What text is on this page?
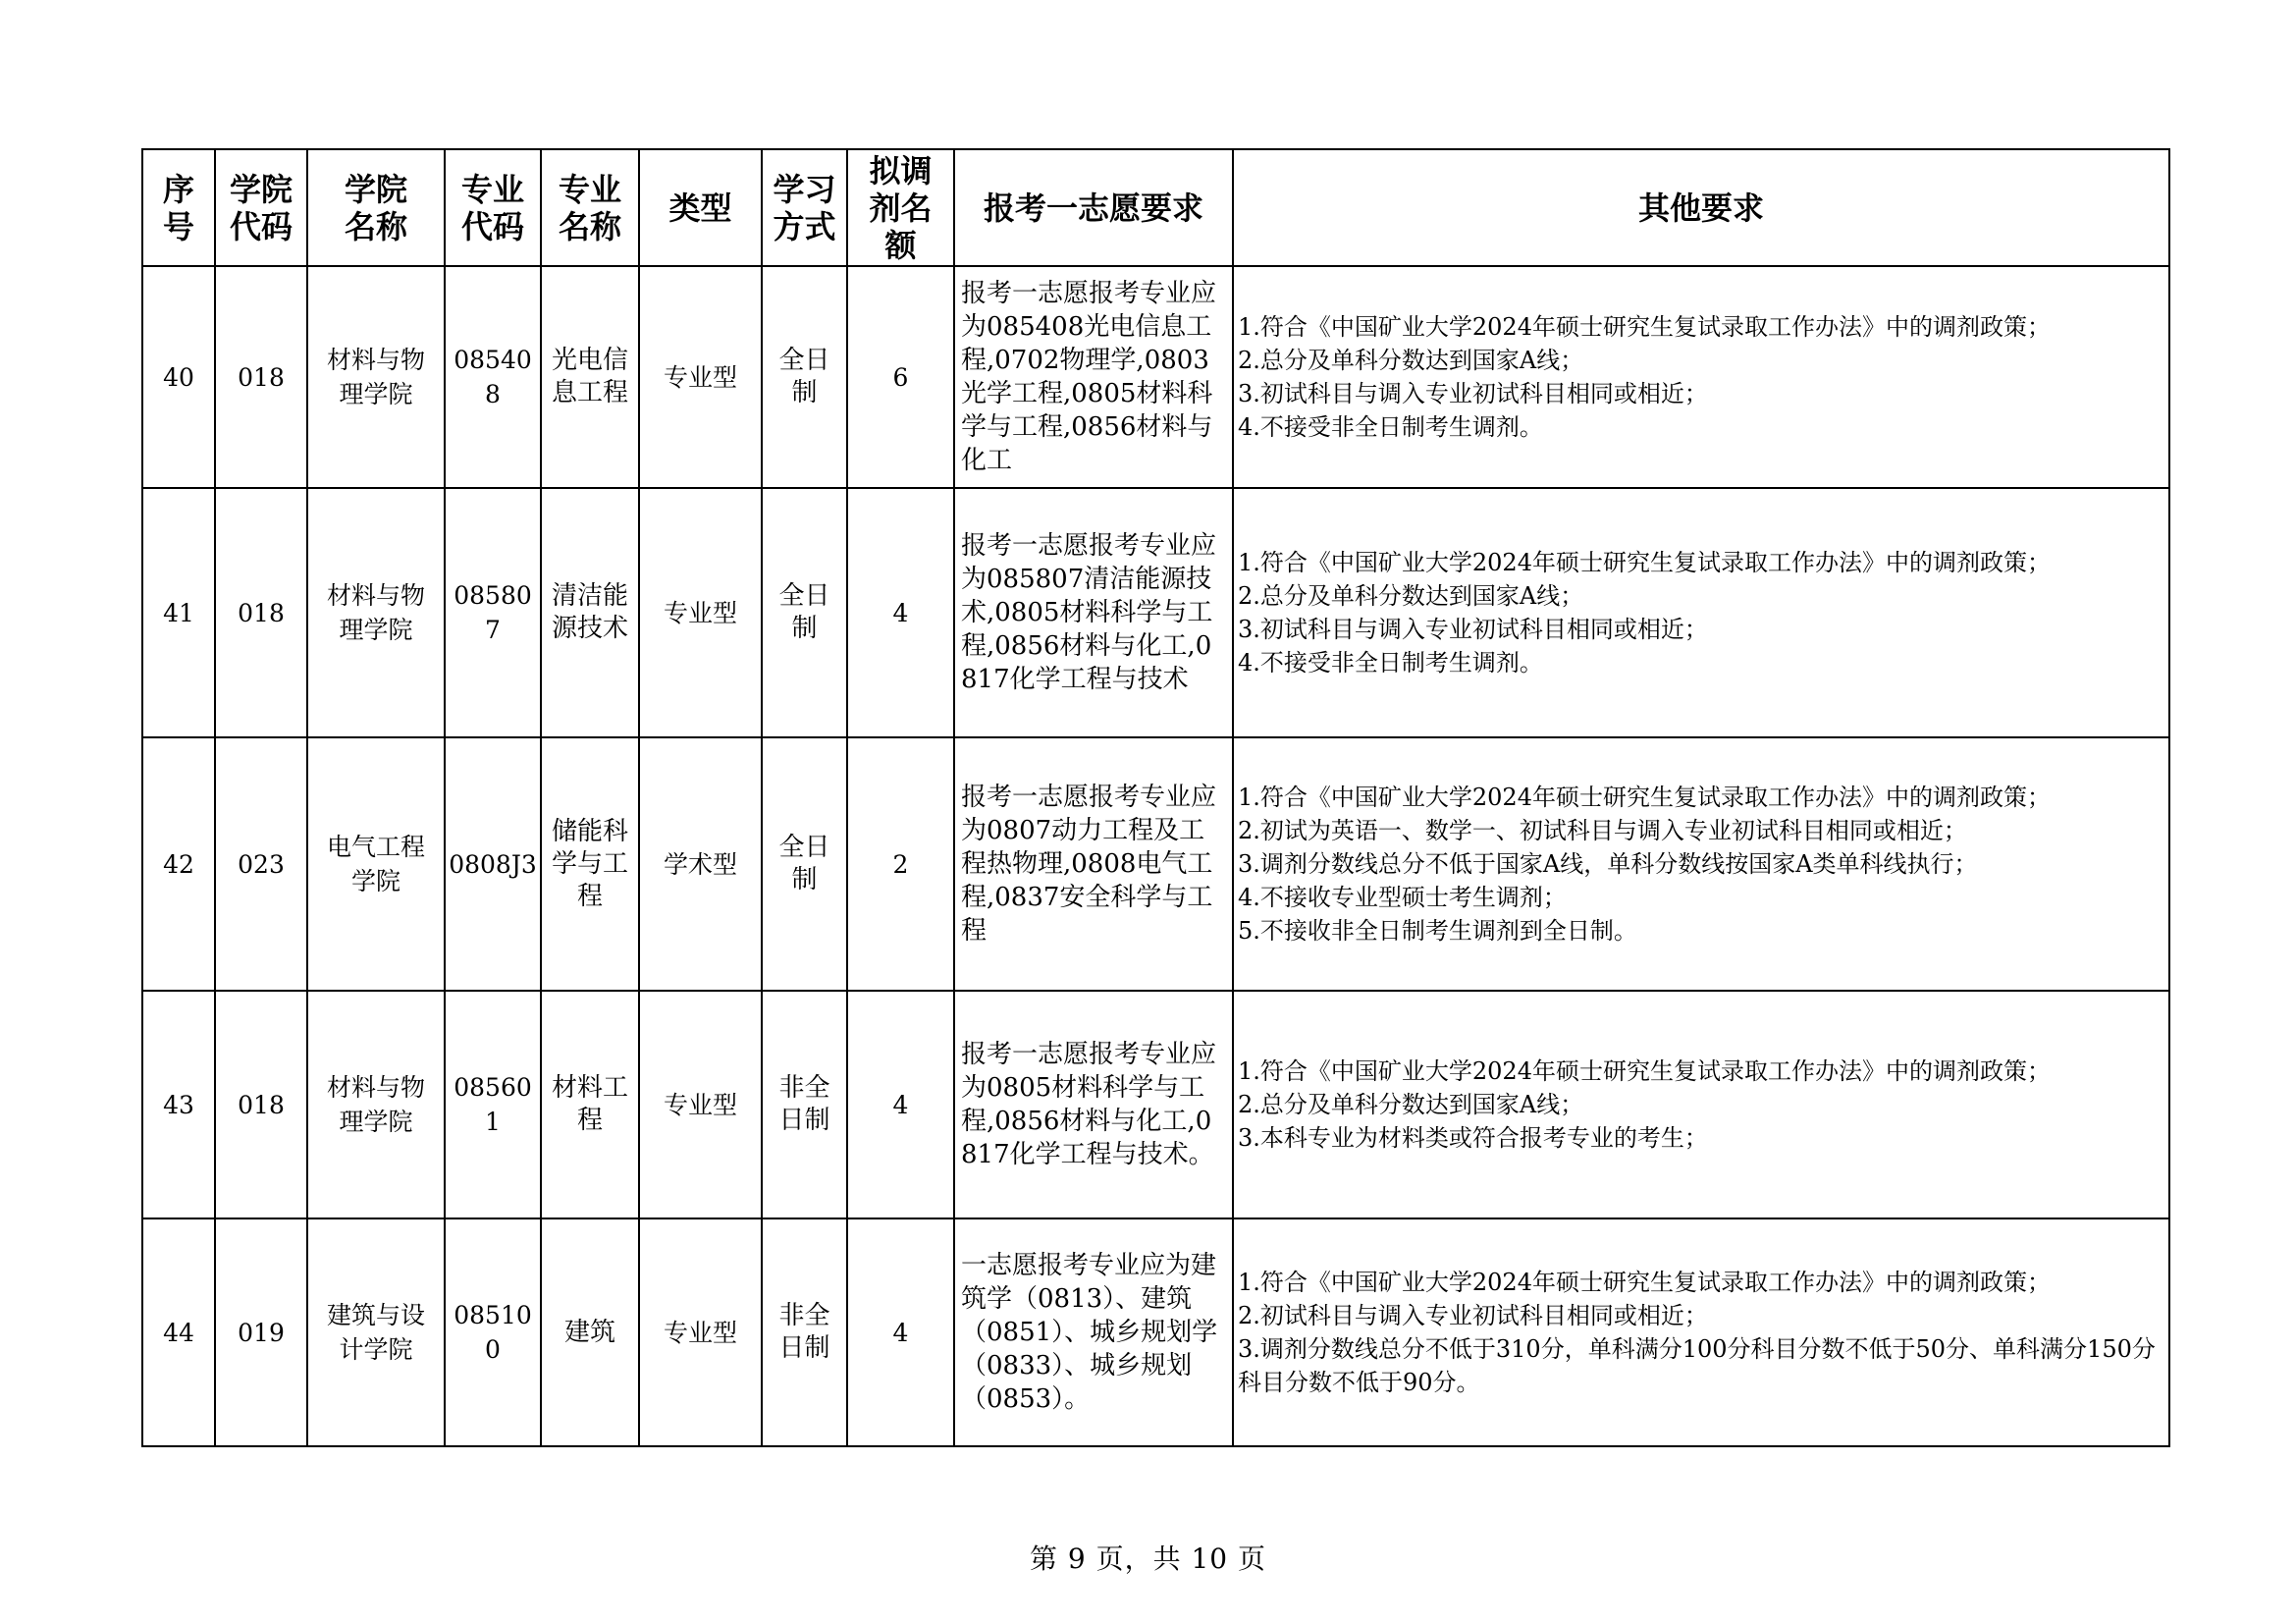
序号	学院代码	学院名称	专业代码	专业名称	类型	学习方式	拟调剂名额	报考一志愿要求	其他要求
40	018	材料与物理学院	085408	光电信息工程	专业型	全日制	6	报考一志愿报考专业应为085408光电信息工程,0702物理学,0803光学工程,0805材料科学与工程,0856材料与化工	1.符合《中国矿业大学2024年硕士研究生复试录取工作办法》中的调剂政策；
2.总分及单科分数达到国家A线；
3.初试科目与调入专业初试科目相同或相近；
4.不接受非全日制考生调剂。

41	018	材料与物理学院	085807	清洁能源技术	专业型	全日制	4	报考一志愿报考专业应为085807清洁能源技术,0805材料科学与工程,0856材料与化工,0817化学工程与技术	1.符合《中国矿业大学2024年硕士研究生复试录取工作办法》中的调剂政策；
2.总分及单科分数达到国家A线；
3.初试科目与调入专业初试科目相同或相近；
4.不接受非全日制考生调剂。

42	023	电气工程学院	0808J3	储能科学与工程	学术型	全日制	2	报考一志愿报考专业应为0807动力工程及工程热物理,0808电气工程,0837安全科学与工程	1.符合《中国矿业大学2024年硕士研究生复试录取工作办法》中的调剂政策；
2.初试为英语一、数学一、初试科目与调入专业初试科目相同或相近；
3.调剂分数线总分不低于国家A线，单科分数线按国家A类单科线执行；
4.不接收专业型硕士考生调剂；
5.不接收非全日制考生调剂到全日制。

43	018	材料与物理学院	085601	材料工程	专业型	非全日制	4	报考一志愿报考专业应为0805材料科学与工程,0856材料与化工,0817化学工程与技术。	1.符合《中国矿业大学2024年硕士研究生复试录取工作办法》中的调剂政策；
2.总分及单科分数达到国家A线；
3.本科专业为材料类或符合报考专业的考生；

44	019	建筑与设计学院	085100	建筑	专业型	非全日制	4	一志愿报考专业应为建筑学（0813）、建筑（0851）、城乡规划学（0833）、城乡规划（0853）。	1.符合《中国矿业大学2024年硕士研究生复试录取工作办法》中的调剂政策；
2.初试科目与调入专业初试科目相同或相近；
3.调剂分数线总分不低于310分，单科满分100分科目分数不低于50分、单科满分150分科目分数不低于90分。
第 9 页，共 10 页
